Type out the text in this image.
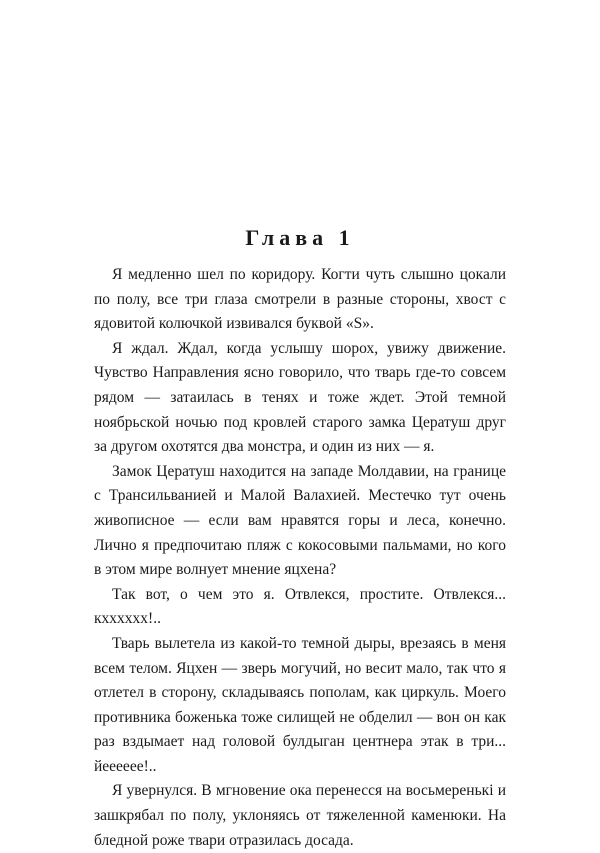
Глава 1

Я медленно шел по коридору. Когти чуть слышно цокали по полу, все три глаза смотрели в разные стороны, хвост с ядовитой колючкой извивался буквой «S».

Я ждал. Ждал, когда услышу шорох, увижу движение. Чувство Направления ясно говорило, что тварь где-то совсем рядом — затаилась в тенях и тоже ждет. Этой темной ноябрьской ночью под кровлей старого замка Цератуш друг за другом охотятся два монстра, и один из них — я.

Замок Цератуш находится на западе Молдавии, на границе с Трансильванией и Малой Валахией. Местечко тут очень живописное — если вам нравятся горы и леса, конечно. Лично я предпочитаю пляж с кокосовыми пальмами, но кого в этом мире волнует мнение яцхена?

Так вот, о чем это я. Отвлекся, простите. Отвлекся... кхххххх!..

Тварь вылетела из какой-то темной дыры, врезаясь в меня всем телом. Яцхен — зверь могучий, но весит мало, так что я отлетел в сторону, складываясь пополам, как циркуль. Моего противника боженька тоже силищей не обделил — вон он как раз вздымает над головой булдыган центнера этак в три... йееееее!..

Я увернулся. В мгновение ока перенесся на восьмеренькі и зашкрябал по полу, уклоняясь от тяжеленной каменюки. На бледной роже твари отразилась досада.
